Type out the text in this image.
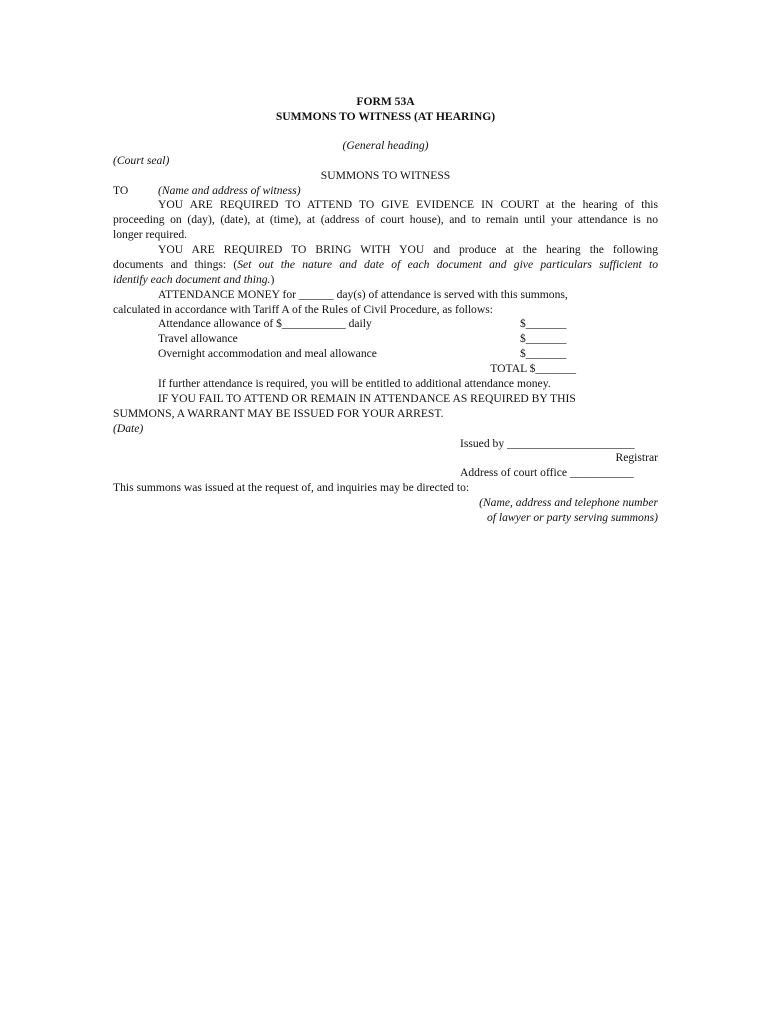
FORM 53A
SUMMONS TO WITNESS (AT HEARING)
(General heading)
(Court seal)
SUMMONS TO WITNESS
TO	(Name and address of witness)
YOU ARE REQUIRED TO ATTEND TO GIVE EVIDENCE IN COURT at the hearing of this
proceeding on (day), (date), at (time), at (address of court house), and to remain until your attendance is no
longer required.
YOU ARE REQUIRED TO BRING WITH YOU and produce at the hearing the following
documents and things: (Set out the nature and date of each document and give particulars sufficient to
identify each document and thing.)
ATTENDANCE MONEY for ______ day(s) of attendance is served with this summons,
calculated in accordance with Tariff A of the Rules of Civil Procedure, as follows:
Attendance allowance of $___________ daily	$_______
Travel allowance	$_______
Overnight accommodation and meal allowance	$_______
TOTAL $_______
If further attendance is required, you will be entitled to additional attendance money.
IF YOU FAIL TO ATTEND OR REMAIN IN ATTENDANCE AS REQUIRED BY THIS
SUMMONS, A WARRANT MAY BE ISSUED FOR YOUR ARREST.
(Date)
Issued by ______________________
Registrar
Address of court office ___________
This summons was issued at the request of, and inquiries may be directed to:
(Name, address and telephone number
of lawyer or party serving summons)
